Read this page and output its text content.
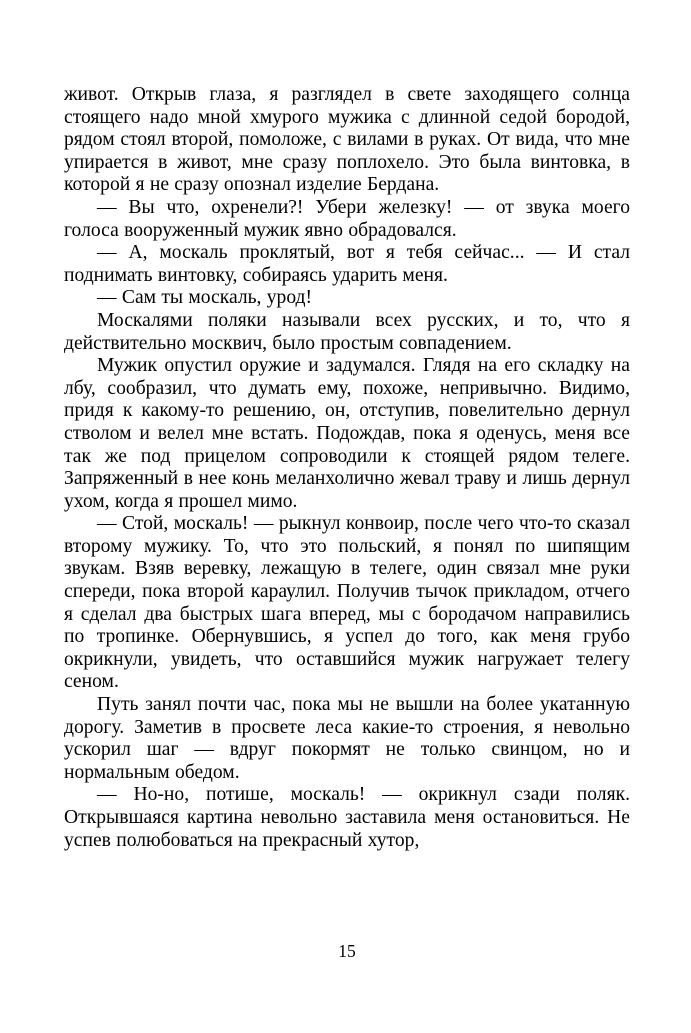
живот. Открыв глаза, я разглядел в свете заходящего солнца стоящего надо мной хмурого мужика с длинной седой бородой, рядом стоял второй, помоложе, с вилами в руках. От вида, что мне упирается в живот, мне сразу поплохело. Это была винтовка, в которой я не сразу опознал изделие Бердана.

— Вы что, охренели?! Убери железку! — от звука моего голоса вооруженный мужик явно обрадовался.

— А, москаль проклятый, вот я тебя сейчас... — И стал поднимать винтовку, собираясь ударить меня.

— Сам ты москаль, урод!

Москалями поляки называли всех русских, и то, что я действительно москвич, было простым совпадением.

Мужик опустил оружие и задумался. Глядя на его складку на лбу, сообразил, что думать ему, похоже, непривычно. Видимо, придя к какому-то решению, он, отступив, повелительно дернул стволом и велел мне встать. Подождав, пока я оденусь, меня все так же под прицелом сопроводили к стоящей рядом телеге. Запряженный в нее конь меланхолично жевал траву и лишь дернул ухом, когда я прошел мимо.

— Стой, москаль! — рыкнул конвоир, после чего что-то сказал второму мужику. То, что это польский, я понял по шипящим звукам. Взяв веревку, лежащую в телеге, один связал мне руки спереди, пока второй караулил. Получив тычок прикладом, отчего я сделал два быстрых шага вперед, мы с бородачом направились по тропинке. Обернувшись, я успел до того, как меня грубо окрикнули, увидеть, что оставшийся мужик нагружает телегу сеном.

Путь занял почти час, пока мы не вышли на более укатанную дорогу. Заметив в просвете леса какие-то строения, я невольно ускорил шаг — вдруг покормят не только свинцом, но и нормальным обедом.

— Но-но, потише, москаль! — окрикнул сзади поляк. Открывшаяся картина невольно заставила меня остановиться. Не успев полюбоваться на прекрасный хутор,

15
